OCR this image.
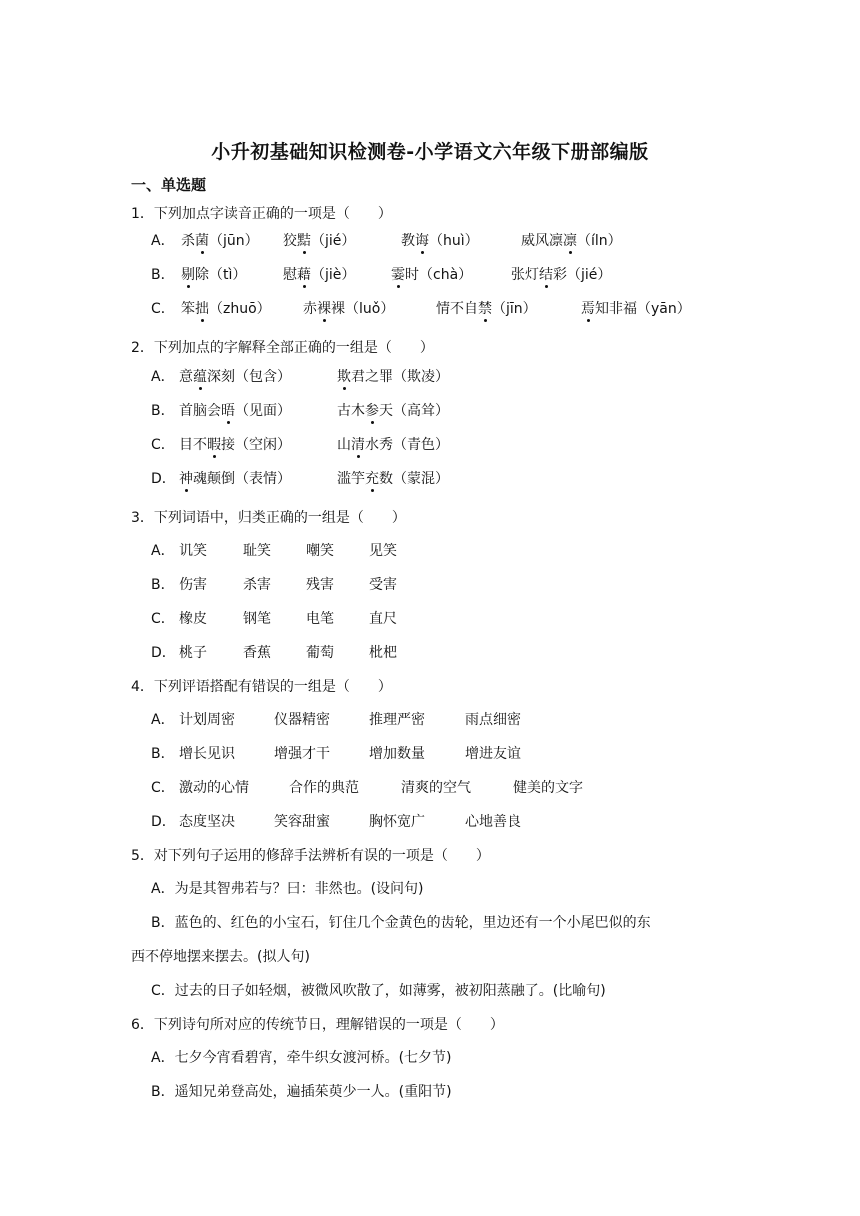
小升初基础知识检测卷-小学语文六年级下册部编版
一、单选题
1．下列加点字读音正确的一项是（　　）
A． 杀菌（jūn） 狡黠（jié）	教诲（huì）	威风凛凛（íln）
B． 剔除（tì）	慰藉（jiè）	霎时（chà）	张灯结彩（jié）
C． 笨拙（zhuō） 赤裸裸（luǒ）	情不自禁（jīn）	焉知非福（yān）
2．下列加点的字解释全部正确的一组是（　　）
A． 意蕴深刻（包含）	欺君之罪（欺凌）
B． 首脑会晤（见面）	古木参天（高耸）
C． 目不暇接（空闲）	山清水秀（青色）
D． 神魂颠倒（表情）	滥竽充数（蒙混）
3．下列词语中，归类正确的一组是（　　）
A． 讥笑	耻笑	嘲笑	见笑
B． 伤害	杀害	残害	受害
C． 橡皮	钢笔	电笔	直尺
D． 桃子	香蕉	葡萄	枇杷
4．下列评语搭配有错误的一组是（　　）
A． 计划周密	仪器精密	推理严密	雨点细密
B． 增长见识	增强才干	增加数量	增进友谊
C． 激动的心情	合作的典范	清爽的空气	健美的文字
D． 态度坚决	笑容甜蜜	胸怀宽广	心地善良
5．对下列句子运用的修辞手法辨析有误的一项是（　　）
A．为是其智弗若与？曰：非然也。(设问句)
B．蓝色的、红色的小宝石，钉住几个金黄色的齿轮，里边还有一个小尾巴似的东
西不停地摆来摆去。(拟人句)
C．过去的日子如轻烟，被微风吹散了，如薄雾，被初阳蒸融了。(比喻句)
6．下列诗句所对应的传统节日，理解错误的一项是（　　）
A．七夕今宵看碧宵，牵牛织女渡河桥。(七夕节)
B．遥知兄弟登高处，遍插茱萸少一人。(重阳节)
